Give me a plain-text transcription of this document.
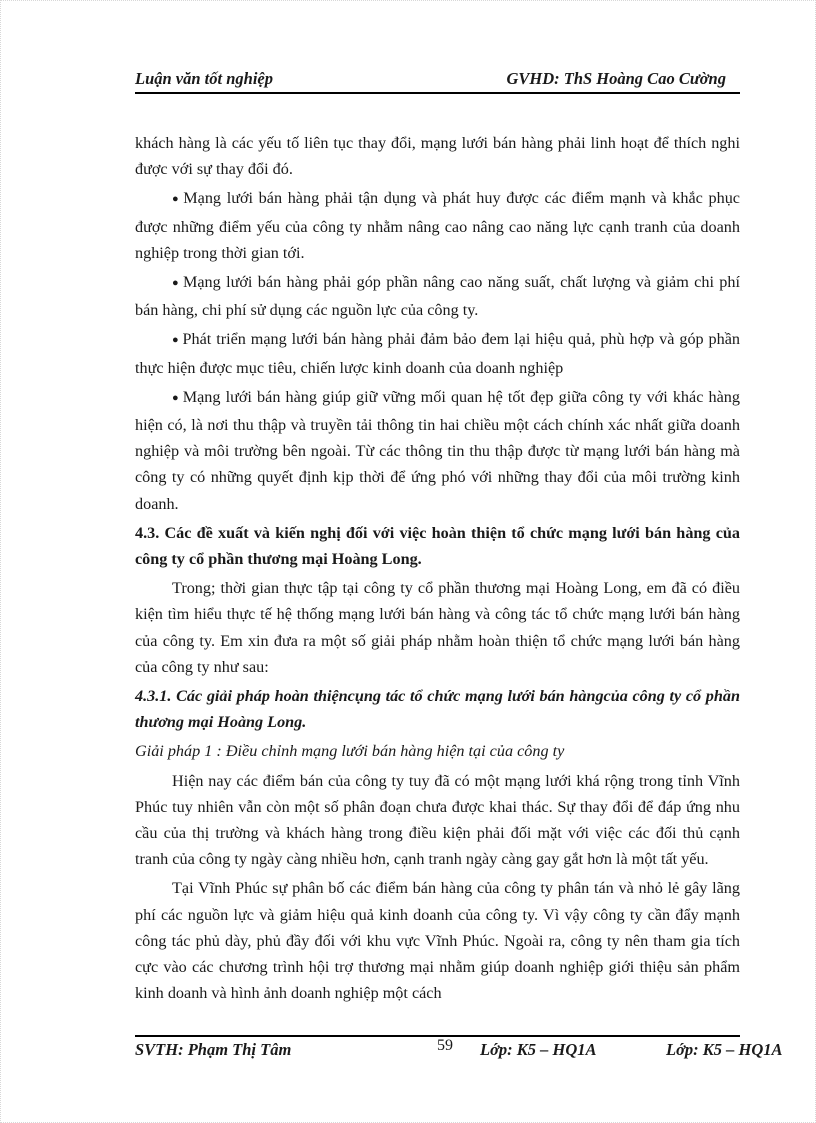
Luận văn tốt nghiệp	GVHD: ThS Hoàng Cao Cường

khách hàng là các yếu tố liên tục thay đổi, mạng lưới bán hàng phải linh hoạt để thích nghi được với sự thay đổi đó.

● Mạng lưới bán hàng phải tận dụng và phát huy được các điểm mạnh và khắc phục được những điểm yếu của công ty nhằm nâng cao nâng cao năng lực cạnh tranh của doanh nghiệp trong thời gian tới.

● Mạng lưới bán hàng phải góp phần nâng cao năng suất, chất lượng và giảm chi phí bán hàng, chi phí sử dụng các nguồn lực của công ty.

● Phát triển mạng lưới bán hàng phải đảm bảo đem lại hiệu quả, phù hợp và góp phần thực hiện được mục tiêu, chiến lược kinh doanh của doanh nghiệp

● Mạng lưới bán hàng giúp giữ vững mối quan hệ tốt đẹp giữa công ty với khác hàng hiện có, là nơi thu thập và truyền tải thông tin hai chiều một cách chính xác nhất giữa doanh nghiệp và môi trường bên ngoài. Từ các thông tin thu thập được từ mạng lưới bán hàng mà công ty có những quyết định kịp thời để ứng phó với những thay đổi của môi trường kinh doanh.

4.3. Các đề xuất và kiến nghị đối với việc hoàn thiện tổ chức mạng lưới bán hàng của công ty cổ phần thương mại Hoàng Long.

Trong; thời gian thực tập tại công ty cổ phần thương mại Hoàng Long, em đã có điều kiện tìm hiểu thực tế hệ thống mạng lưới bán hàng và công tác tổ chức mạng lưới bán hàng của công ty. Em xin đưa ra một số giải pháp nhằm hoàn thiện tổ chức mạng lưới bán hàng của công ty như sau:

4.3.1. Các giải pháp hoàn thiệncụng tác tổ chức mạng lưới bán hàngcủa công ty cổ phần thương mại Hoàng Long.

Giải pháp 1 : Điều chỉnh mạng lưới bán hàng hiện tại của công ty

Hiện nay các điểm bán của công ty tuy đã có một mạng lưới khá rộng trong tỉnh Vĩnh Phúc tuy nhiên vẫn còn một số phân đoạn chưa được khai thác. Sự thay đổi để đáp ứng nhu cầu của thị trường và khách hàng trong điều kiện phải đối mặt với việc các đối thủ cạnh tranh của công ty ngày càng nhiều hơn, cạnh tranh ngày càng gay gắt hơn là một tất yếu.

Tại Vĩnh Phúc sự phân bố các điểm bán hàng của công ty phân tán và nhỏ lẻ gây lãng phí các nguồn lực và giảm hiệu quả kinh doanh của công ty. Vì vậy công ty cần đẩy mạnh công tác phủ dày, phủ đầy đối với khu vực Vĩnh Phúc. Ngoài ra, công ty nên tham gia tích cực vào các chương trình hội trợ thương mại nhằm giúp doanh nghiệp giới thiệu sản phẩm kinh doanh và hình ảnh doanh nghiệp một cách

SVTH: Phạm Thị Tâm	59 Lớp: K5 – HQ1A	Lớp: K5 – HQ1A
